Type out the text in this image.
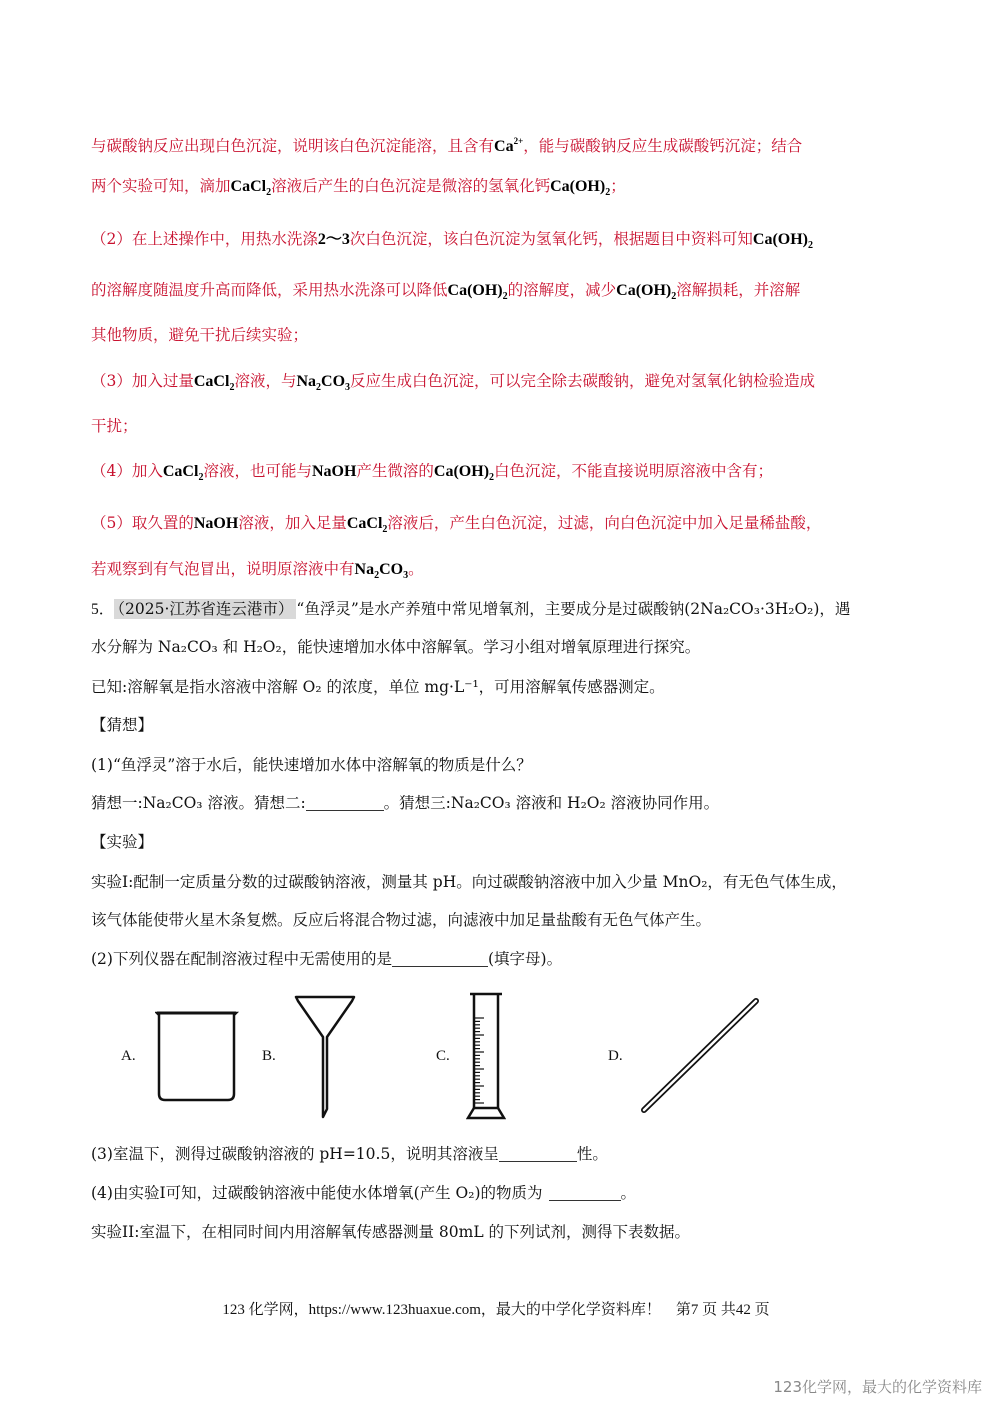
与碳酸钠反应出现白色沉淀，说明该白色沉淀能溶，且含有$Ca^{2+}$，能与碳酸钠反应生成碳酸钙沉淀；结合
两个实验可知，滴加CaCl$_2$溶液后产生的白色沉淀是微溶的氢氧化钙$Ca(OH)_2$；
（2）在上述操作中，用热水洗涤2～3次白色沉淀，该白色沉淀为氢氧化钙，根据题目中资料可知$Ca(OH)_2$
的溶解度随温度升高而降低，采用热水洗涤可以降低$Ca(OH)_2$的溶解度，减少$Ca(OH)_2$溶解损耗，并溶解
其他物质，避免干扰后续实验；
（3）加入过量CaCl$_2$溶液，与$Na_2CO_3$反应生成白色沉淀，可以完全除去碳酸钠，避免对氢氧化钠检验造成
干扰；
（4）加入CaCl$_2$溶液，也可能与NaOH产生微溶的$Ca(OH)_2$白色沉淀，不能直接说明原溶液中含有；
（5）取久置的NaOH溶液，加入足量CaCl$_2$溶液后，产生白色沉淀，过滤，向白色沉淀中加入足量稀盐酸，
若观察到有气泡冒出，说明原溶液中有$Na_2CO_3$。
5． （2025·江苏省连云港市） “鱼浮灵”是水产养殖中常见增氧剂，主要成分是过碳酸钠(2Na₂CO₃·3H₂O₂)，遇
水分解为 Na₂CO₃ 和 H₂O₂，能快速增加水体中溶解氧。学习小组对增氧原理进行探究。
已知:溶解氧是指水溶液中溶解 O₂ 的浓度，单位 mg·L⁻¹，可用溶解氧传感器测定。
【猜想】
(1)“鱼浮灵”溶于水后，能快速增加水体中溶解氧的物质是什么？
猜想一:Na₂CO₃ 溶液。猜想二:	。猜想三:Na₂CO₃ 溶液和 H₂O₂ 溶液协同作用。
【实验】
实验I:配制一定质量分数的过碳酸钠溶液，测量其 pH。向过碳酸钠溶液中加入少量 MnO₂，有无色气体生成，
该气体能使带火星木条复燃。反应后将混合物过滤，向滤液中加足量盐酸有无色气体产生。
(2)下列仪器在配制溶液过程中无需使用的是	(填字母)。
A.	B.	C.	D.
(3)室温下，测得过碳酸钠溶液的 pH=10.5，说明其溶液呈	性。
(4)由实验I可知，过碳酸钠溶液中能使水体增氧(产生 O₂)的物质为	。
实验II:室温下，在相同时间内用溶解氧传感器测量 80mL 的下列试剂，测得下表数据。
123 化学网，https://www.123huaxue.com，最大的中学化学资料库！ 第7 页 共42 页
123化学网，最大的化学资料库
